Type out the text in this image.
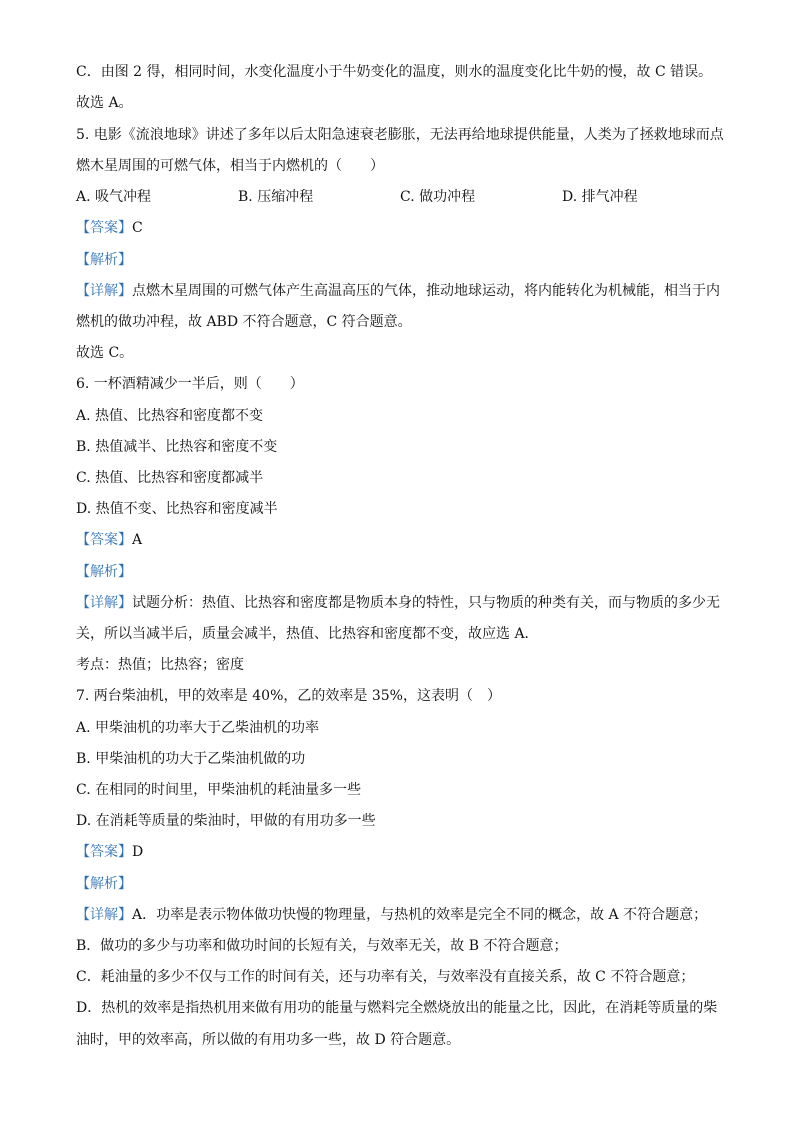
C．由图 2 得，相同时间，水变化温度小于牛奶变化的温度，则水的温度变化比牛奶的慢，故 C 错误。
故选 A。
5. 电影《流浪地球》讲述了多年以后太阳急速衰老膨胀，无法再给地球提供能量，人类为了拯救地球而点
燃木星周围的可燃气体，相当于内燃机的（　　）
A. 吸气冲程	B. 压缩冲程	C. 做功冲程	D. 排气冲程
【答案】C
【解析】
【详解】点燃木星周围的可燃气体产生高温高压的气体，推动地球运动，将内能转化为机械能，相当于内
燃机的做功冲程，故 ABD 不符合题意，C 符合题意。
故选 C。
6. 一杯酒精减少一半后，则（　　）
A. 热值、比热容和密度都不变
B. 热值减半、比热容和密度不变
C. 热值、比热容和密度都减半
D. 热值不变、比热容和密度减半
【答案】A
【解析】
【详解】试题分析：热值、比热容和密度都是物质本身的特性，只与物质的种类有关，而与物质的多少无
关，所以当减半后，质量会减半，热值、比热容和密度都不变，故应选 A．
考点：热值；比热容；密度
7. 两台柴油机，甲的效率是 40%，乙的效率是 35%，这表明（　）
A. 甲柴油机的功率大于乙柴油机的功率
B. 甲柴油机的功大于乙柴油机做的功
C. 在相同的时间里，甲柴油机的耗油量多一些
D. 在消耗等质量的柴油时，甲做的有用功多一些
【答案】D
【解析】
【详解】A．功率是表示物体做功快慢的物理量，与热机的效率是完全不同的概念，故 A 不符合题意；
B．做功的多少与功率和做功时间的长短有关，与效率无关，故 B 不符合题意；
C．耗油量的多少不仅与工作的时间有关，还与功率有关，与效率没有直接关系，故 C 不符合题意；
D．热机的效率是指热机用来做有用功的能量与燃料完全燃烧放出的能量之比，因此，在消耗等质量的柴
油时，甲的效率高，所以做的有用功多一些，故 D 符合题意。
